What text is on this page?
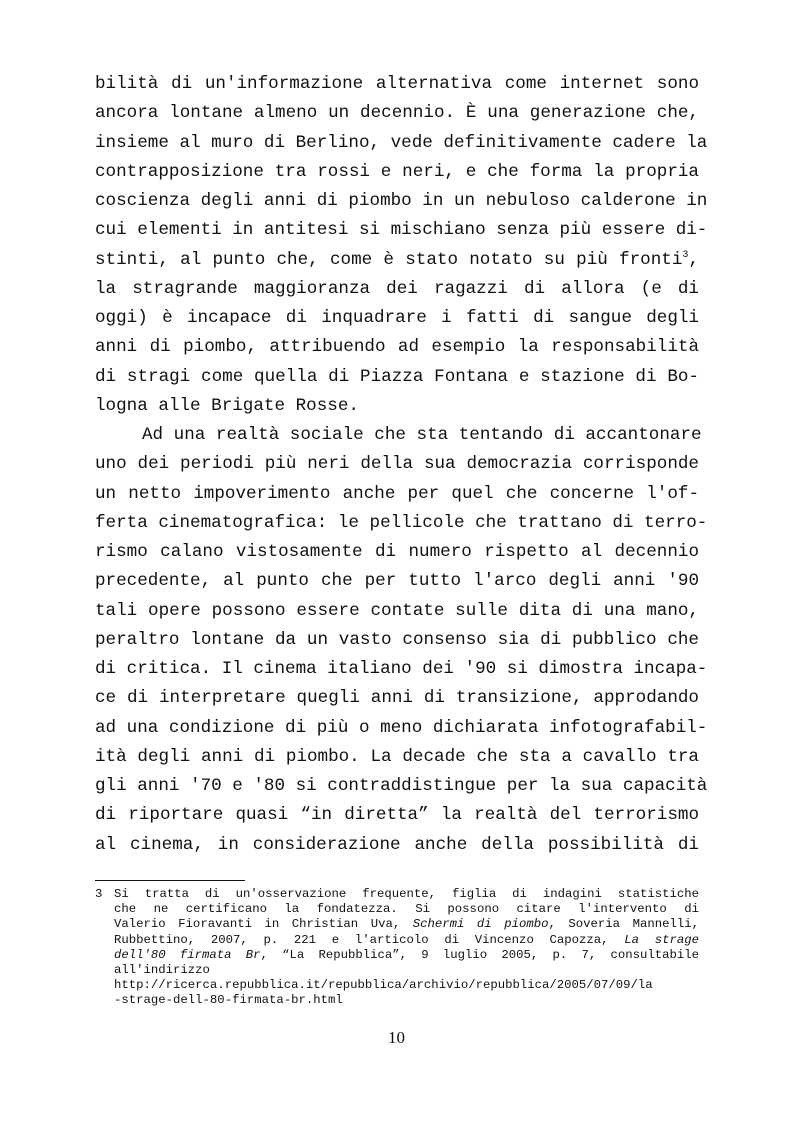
bilità di un'informazione alternativa come internet sono
ancora lontane almeno un decennio. È una generazione che,
insieme al muro di Berlino, vede definitivamente cadere la
contrapposizione tra rossi e neri, e che forma la propria
coscienza degli anni di piombo in un nebuloso calderone in
cui elementi in antitesi si mischiano senza più essere di-
stinti, al punto che, come è stato notato su più fronti$^3$,
la stragrande maggioranza dei ragazzi di allora (e di
oggi) è incapace di inquadrare i fatti di sangue degli
anni di piombo, attribuendo ad esempio la responsabilità
di stragi come quella di Piazza Fontana e stazione di Bo-
logna alle Brigate Rosse.
Ad una realtà sociale che sta tentando di accantonare
uno dei periodi più neri della sua democrazia corrisponde
un netto impoverimento anche per quel che concerne l'of-
ferta cinematografica: le pellicole che trattano di terro-
rismo calano vistosamente di numero rispetto al decennio
precedente, al punto che per tutto l'arco degli anni '90
tali opere possono essere contate sulle dita di una mano,
peraltro lontane da un vasto consenso sia di pubblico che
di critica. Il cinema italiano dei '90 si dimostra incapa-
ce di interpretare quegli anni di transizione, approdando
ad una condizione di più o meno dichiarata infotografabil-
ità degli anni di piombo. La decade che sta a cavallo tra
gli anni '70 e '80 si contraddistingue per la sua capacità
di riportare quasi “in diretta” la realtà del terrorismo
al cinema, in considerazione anche della possibilità di
3 Si tratta di un'osservazione frequente, figlia di indagini statistiche
che ne certificano la fondatezza. Si possono citare l'intervento di
Valerio Fioravanti in Christian Uva, Schermi di piombo, Soveria Mannelli,
Rubbettino, 2007, p. 221 e l'articolo di Vincenzo Capozza, La strage
dell'80 firmata Br, “La Repubblica”, 9 luglio 2005, p. 7, consultabile
all'indirizzo
http://ricerca.repubblica.it/repubblica/archivio/repubblica/2005/07/09/la
-strage-dell-80-firmata-br.html
10
